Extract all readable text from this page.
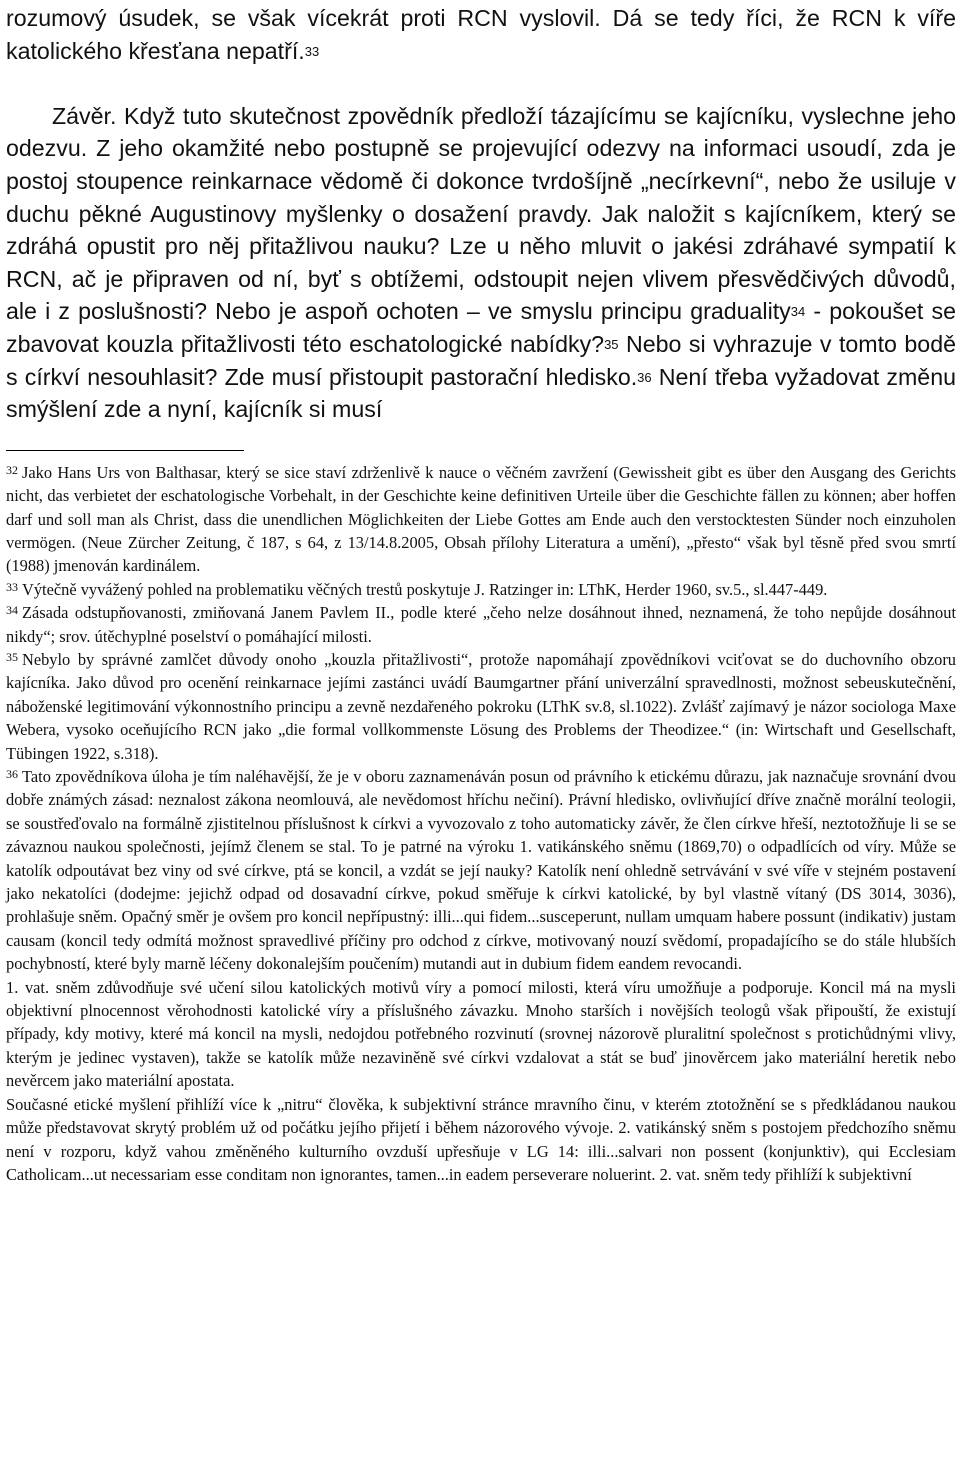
rozumový úsudek, se však vícekrát proti RCN vyslovil. Dá se tedy říci, že RCN k víře katolického křesťana nepatří.$^{33}$

Závěr. Když tuto skutečnost zpovědník předloží tázajícímu se kajícníku, vyslechne jeho odezvu. Z jeho okamžité nebo postupně se projevující odezvy na informaci usoudí, zda je postoj stoupence reinkarnace vědomě či dokonce tvrdošíjně „necírkevní“, nebo že usiluje v duchu pěkné Augustinovy myšlenky o dosažení pravdy. Jak naložit s kajícníkem, který se zdráhá opustit pro něj přitažlivou nauku? Lze u něho mluvit o jakési zdráhavé sympatií k RCN, ač je připraven od ní, byť s obtížemi, odstoupit nejen vlivem přesvědčivých důvodů, ale i z poslušnosti? Nebo je aspoň ochoten – ve smyslu principu graduality$^{34}$ - pokoušet se zbavovat kouzla přitažlivosti této eschatologické nabídky?$^{35}$ Nebo si vyhrazuje v tomto bodě s církví nesouhlasit? Zde musí přistoupit pastorační hledisko.$^{36}$ Není třeba vyžadovat změnu smýšlení zde a nyní, kajícník si musí

$^{32}$ Jako Hans Urs von Balthasar, který se sice staví zdrženlivě k nauce o věčném zavržení (Gewissheit gibt es über den Ausgang des Gerichts nicht, das verbietet der eschatologische Vorbehalt, in der Geschichte keine definitiven Urteile über die Geschichte fällen zu können; aber hoffen darf und soll man als Christ, dass die unendlichen Möglichkeiten der Liebe Gottes am Ende auch den verstocktesten Sünder noch einzuholen vermögen. (Neue Zürcher Zeitung, č 187, s 64, z 13/14.8.2005, Obsah přílohy Literatura a umění), „přesto“ však byl těsně před svou smrtí (1988) jmenován kardinálem.

$^{33}$ Výtečně vyvážený pohled na problematiku věčných trestů poskytuje J. Ratzinger in: LThK, Herder 1960, sv.5., sl.447-449.

$^{34}$ Zásada odstupňovanosti, zmiňovaná Janem Pavlem II., podle které „čeho nelze dosáhnout ihned, neznamená, že toho nepůjde dosáhnout nikdy“; srov. útěchyplné poselství o pomáhající milosti.

$^{35}$ Nebylo by správné zamlčet důvody onoho „kouzla přitažlivosti“, protože napomáhají zpovědníkovi vciťovat se do duchovního obzoru kajícníka. Jako důvod pro ocenění reinkarnace jejími zastánci uvádí Baumgartner přání univerzální spravedlnosti, možnost sebeuskutečnění, náboženské legitimování výkonnostního principu a zevně nezdařeného pokroku (LThK sv.8, sl.1022). Zvlášť zajímavý je názor sociologa Maxe Webera, vysoko oceňujícího RCN jako „die formal vollkommenste Lösung des Problems der Theodizee.“ (in: Wirtschaft und Gesellschaft, Tübingen 1922, s.318).

$^{36}$ Tato zpovědníkova úloha je tím naléhavější, že je v oboru zaznamenáván posun od právního k etickému důrazu, jak naznačuje srovnání dvou dobře známých zásad: neznalost zákona neomlouvá, ale nevědomost hříchu nečiní). Právní hledisko, ovlivňující dříve značně morální teologii, se soustřeďovalo na formálně zjistitelnou příslušnost k církvi a vyvozovalo z toho automaticky závěr, že člen církve hřeší, neztotožňuje li se se závaznou naukou společnosti, jejímž členem se stal. To je patrné na výroku 1. vatikánského sněmu (1869,70) o odpadlících od víry. Může se katolík odpoutávat bez viny od své církve, ptá se koncil, a vzdát se její nauky? Katolík není ohledně setrvávání v své víře v stejném postavení jako nekatolíci (dodejme: jejichž odpad od dosavadní církve, pokud směřuje k církvi katolické, by byl vlastně vítaný (DS 3014, 3036), prohlašuje sněm. Opačný směr je ovšem pro koncil nepřípustný: illi...qui fidem...susceperunt, nullam umquam habere possunt (indikativ) justam causam (koncil tedy odmítá možnost spravedlivé příčiny pro odchod z církve, motivovaný nouzí svědomí, propadajícího se do stále hlubších pochybností, které byly marně léčeny dokonalejším poučením) mutandi aut in dubium fidem eandem revocandi.

1. vat. sněm zdůvodňuje své učení silou katolických motivů víry a pomocí milosti, která víru umožňuje a podporuje. Koncil má na mysli objektivní plnocennost věrohodnosti katolické víry a příslušného závazku. Mnoho starších i novějších teologů však připouští, že existují případy, kdy motivy, které má koncil na mysli, nedojdou potřebného rozvinutí (srovnej názorově pluralitní společnost s protichůdnými vlivy, kterým je jedinec vystaven), takže se katolík může nezaviněně své církvi vzdalovat a stát se buď jinověrcem jako materiální heretik nebo nevěrcem jako materiální apostata.

Současné etické myšlení přihlíží více k „nitru“ člověka, k subjektivní stránce mravního činu, v kterém ztotožnění se s předkládanou naukou může představovat skrytý problém už od počátku jejího přijetí i během názorového vývoje. 2. vatikánský sněm s postojem předchozího sněmu není v rozporu, když vahou změněného kulturního ovzduší upřesňuje v LG 14: illi...salvari non possent (konjunktiv), qui Ecclesiam Catholicam...ut necessariam esse conditam non ignorantes, tamen...in eadem perseverare noluerint. 2. vat. sněm tedy přihlíží k subjektivní
